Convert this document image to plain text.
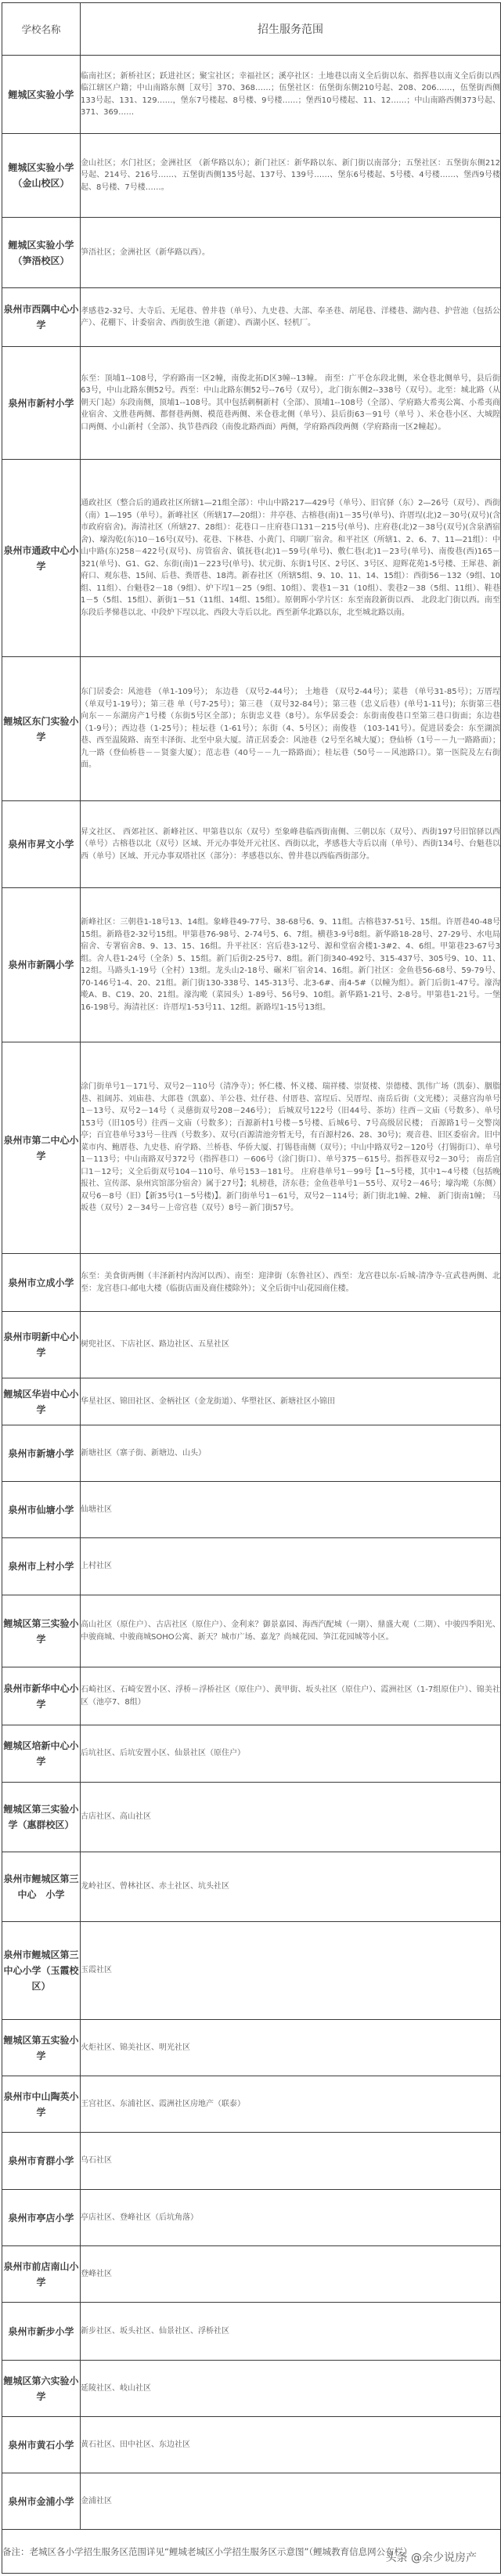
学校名称	招生服务范围
鲤城区实验小学	临南社区；新桥社区；跃进社区；聚宝社区；幸福社区；溪亭社区：土地巷以南义全后街以东、指挥巷以南义全后街以西临江辖区户籍；中山南路东侧［双号］370、368……；伍堡社区：伍堡街东侧210号起、208、206……，伍堡街西侧133号起、131、129……，堡东7号楼起、8号楼、9号楼……；堡西10号楼起、11、12……；中山南路西侧373号起、371、369……
鲤城区实验小学（金山校区）	金山社区；水门社区；金洲社区 （新华路以东）；新门社区：新华路以东、新门街以南部分；五堡社区：五堡街东侧212号起、214号、216号……、五堡街西侧135号起、137号、139号……、堡东6号楼起、5号楼、4号楼……、堡西9号楼起、8号楼、7号楼……。
鲤城区实验小学（笋浯校区）	笋浯社区；金洲社区（新华路以西）。
泉州市西隅中心小学	孝感巷2-32号、大寺后、无尾巷、曾井巷（单号）、九史巷、大部、奉圣巷、胡尾巷、洋楼巷、湖内巷、护营池（包括公产）、花棚下、计委宿舍、西街放生池（新建）、西湖小区、轻机厂。
泉州市新村小学	东至：顶埔1--108号，学府路南一区2幢，南俊北拓D区3幢--13幢。 南至：广平仓东段北侧，米仓巷北侧单号，县后街63号，中山北路东侧52号。西至：中山北路东侧52号--76号（双号），北门街东侧2--338号（双号）。北至：城北路（从朝天门起）东段南侧，顶埔1--108号。其中包括刺桐新村（全部）、顶埔1--108号（全部）、学府路大希夷公寓、小希夷商业宿舍、文胜巷两侧、都督巷两侧、模范巷两侧、米仓巷北侧（单号）、县后街63－91号（单号 ）、米仓巷小区、大城隍口两侧、小山新村（全部）、执节巷西段（南俊北路西面）两侧，学府路西段两侧（学府路南一区2幢起）。
泉州市通政中心小学	通政社区（整合后的通政社区所辖1—21组全部）：中山中路217—429号（单号）、旧官驿（东）2—26号（双号）、西街（南）1—195（单号）。新峰社区（所辖17—20组）：井亭巷、古榕巷(南)1－35号(单号)、许厝埕(北)2－30号(双号)(含市政府宿舍)。海清社区（所辖27、28组）：花巷口－庄府巷口131－215号(单号)、庄府巷(北)2－38号(双号)(含泉酒宿舍)、壕沟乾(东)10－16号(双号)、花巷、下林巷、小黄门、印刷厂宿舍。和平社区（所辖1、2、6、7、11—21组）：中山中路(东)258－422号(双号)、房管宿舍、镇抚巷(北)1－59号(单号)、敷仁巷(北)1－23号(单号)、南俊巷(西)165－321(单号)、G1、G2、东街(南)1－223号(单号)、状元街、东街1号区、2号区、3号区、迎辉花苑1-5号楼、王犀巷、新府口、观东巷、15间、后巷、粪厝巷、18湾。新春社区（所辖5组、9、10、11、14、15组）：西街56－132（9组、10组、11组）、台魁巷2－18（9组）、炉下埕1－25（9组、10组）、裴巷1－31（10组）、裴巷2－38（5组、11组）、鞋巷1－5（5组、15组）、新街1－51（11组、14组、15组）。原朝晖小学片区：东至南段新街以西、 北段北门街以西。南至东段后孝悌巷以北、中段炉下埕以北、西段大寺后以北。西至新华北路以东，北至城北路以南。
鲤城区东门实验小学	东门居委会：风池巷 （单1-109号）； 东边巷 （双号2-44号）； 土地巷 （双号2-44号）；菜巷 （单号31-85号）；万厝埕 （单双号1-19号）；第三巷 单（号7-25号）；第三巷 （双号32-84号）；第三巷（忠义后巷）(单号1-11号)；东街第三巷向东－－东湖房产1号楼（东街5号区全部）；东街忠义巷（8号）。东华居委会：东街南俊巷口至第三巷口街面；东边巷（1-9号）；西边巷（1-25号）；桂坛巷（1-61号）；东街（4、5号区）；南俊巷 （103-141号）。促进居委会：东至湖滨巷、西至温陵路、南至丰泽街、北至中泉大厦。清正居委会：风池巷（2号至名城大厦）；登仙桥（1号－－九一路路面）；九一路（登仙桥巷－－贤銮大厦）；范志巷（40号－－九一路路面）；桂坛巷（50号－－风池路口）。第一医院及左右街面。
泉州市昇文小学	昇文社区、 西郊社区、新峰社区、甲第巷以东（双号）至象峰巷临西街南侧、三朝以东（双号）、西街197号旧馆驿以西（单号）古榕巷以北（双号）区域、开元办事处开元社区、西街以北，孝感巷大寺后以南（单号）、西街134号、台魁巷以西（单号）区域、开元办事双塔社区（部分）：孝感巷以东、曾井巷以西临西街部分。
泉州市新隅小学	新峰社区：三朝巷1-18号13、14组。象峰巷49-77号、38-68号6、9、11组。古榕巷37-51号、15组。许厝巷40-48号15组。新路巷2-32号15组。甲第巷76-98号、2-74号5、6、7组。横巷3-9号8组。新华路18-28号、27-29号、水电局宿舍、专署宿舍8、9、13、15、16组。升平社区：宫后巷3-12号、源和堂宿舍楼1-3#2、4、6组。甲第巷23-67号3组。舍人巷1-24号（全条）5、15组。新门后街2-25号7、8组。新门街340-492号、315-437号、305号9、10、11、12组。马路头1-19号（全村）13组。龙头山2-18号、碾米厂宿舍14、16组。新门社区：金鱼巷56-68号、59-79号、70-146号1-4、20、21组。新门街130-338号、145-313号、北3-6#、南4-5#（以幢为组）。新门后街1-47号。濠沟墘A、B、C19、20、21组。濠沟墘（菜园头）1-89号、56号9、10组。新华路1-21号、2-8号。甲第巷1-21号。一堡16-198号。海清社区：许厝埕1-53号11、12组。新路埕1-15号13组。
泉州市第二中心小学	涂门街单号1－171号、双号2－110号（清净寺）；怀仁楼、怀义楼、瑞祥楼、崇贤楼、崇德楼、凯伟广场（凯泰）、胭脂巷、祖阔苏、刘庙巷、大郎巷（凯嘉）、羊公巷、灶仔巷、付厝巷、富埕后、吴厝埕、南岳后街（文光楼）；灵慈宫沟单号1－13号、双号2－14号（ 灵慈街双号208－246号）； 后城双号122号（旧44号、茶坊）往西－文庙（号数多）、单号 153号（旧105号）往西－文庙（号数多）；百源新村1号楼－5号楼、后城6号、7号高级居民楼； 百源路1号－交警岗亭；百宜巷单号33号－往西（号数多）、双号(百源清池旁暂无号，有百源村26、28、30号)；观音巷、旧区委宿舍。旧中菜市内、鲍厝巷、九史巷、府学路、兰桥巷、华侨大厦、打锡巷南侧（双号）；中山中路双号2－120号（打锡街口）、单号1－113号；中山南路双号372号（指挥巷口）－606号（涂门街口）、单号375－615号。指挥巷双号2－30号； 南岳宫口1－12号；义全后街双号104－110号、单号153－181号。 庄府巷单号1－99号【1~5号楼，其中1~4号楼（包括晚报社、宣传部、泉州宾馆部分宿舍）属于27号】；轧榜巷，济东巷；金鱼巷单号1－55号、双号2－46号；壕沟墘（东侧）双号6－8号（旧）【新35号(1－5号楼)】。新门街单号1－61号，双号2－114号；新门街北1幢、2幢、 新门街南1幢； 马坂巷（双号）2－34号－上帝宫巷（双号）8号－新门街57号。
泉州市立成小学	东至：美食街两侧（丰泽新村内沟河以西）、南至：迎津街（东鲁社区）、西至：龙宫巷以东-后城-清净寺-宣武巷两侧、北至：龙宫巷口-邮电大楼（临街店面及商住楼除外）；义全后街中山花园商住楼。
泉州市明新中心小学	树兜社区、下店社区、路边社区、五星社区
鲤城区华岩中心小学	华星社区、锦田社区、金柄社区（金龙街道）、华塑社区、新塘社区小锦田
泉州市新塘小学	新塘社区（寨子街、新塘边、山头）
泉州市仙塘小学	仙塘社区
泉州市上村小学	上村社区
鲤城区第三实验小学	高山社区（原住户）、古店社区（原住户）、金利来？御景嘉园、海西汽配城（一期）、鼎盛大观（二期）、中骏四季阳光、中骏商城、中骏商城SOHO公寓、新天？城市广场、嘉龙？尚城花园、笋江花园城等小区。
泉州市新华中心小学	石崎社区、石崎安置小区、浮桥－浮桥社区（原住户）、黄甲街、坂头社区（原住户）、霞洲社区（1-7组原住户）、锦美社区（池亭7、8组）
鲤城区培新中心小学	后坑社区、后坑安置小区、仙景社区（原住户）
鲤城区第三实验小学（惠群校区）	古店社区、高山社区
泉州市鲤城区第三中心　小学	龙岭社区、曾林社区、赤土社区、坑头社区
泉州市鲤城区第三中心小学（玉霞校区）	玉霞社区
鲤城区第五实验小学	火炬社区、锦美社区、明光社区
泉州市中山陶英小学	王宫社区、东浦社区、霞洲社区房地产（联泰）
泉州市育群小学	乌石社区
泉州市亭店小学	亭店社区、登峰社区（后坑角落）
泉州市前店南山小学	登峰社区
泉州市新步小学	新步社区、坂头社区、仙景社区、浮桥社区
鲤城区第六实验小学	延陵社区、岐山社区
泉州市黄石小学	黄石社区、田中社区、东边社区
泉州市金浦小学	金浦社区
备注：老城区各小学招生服务区范围详见“鲤城老城区小学招生服务区示意图”（鲤城教育信息网公布栏）
头条 @余少说房产	
